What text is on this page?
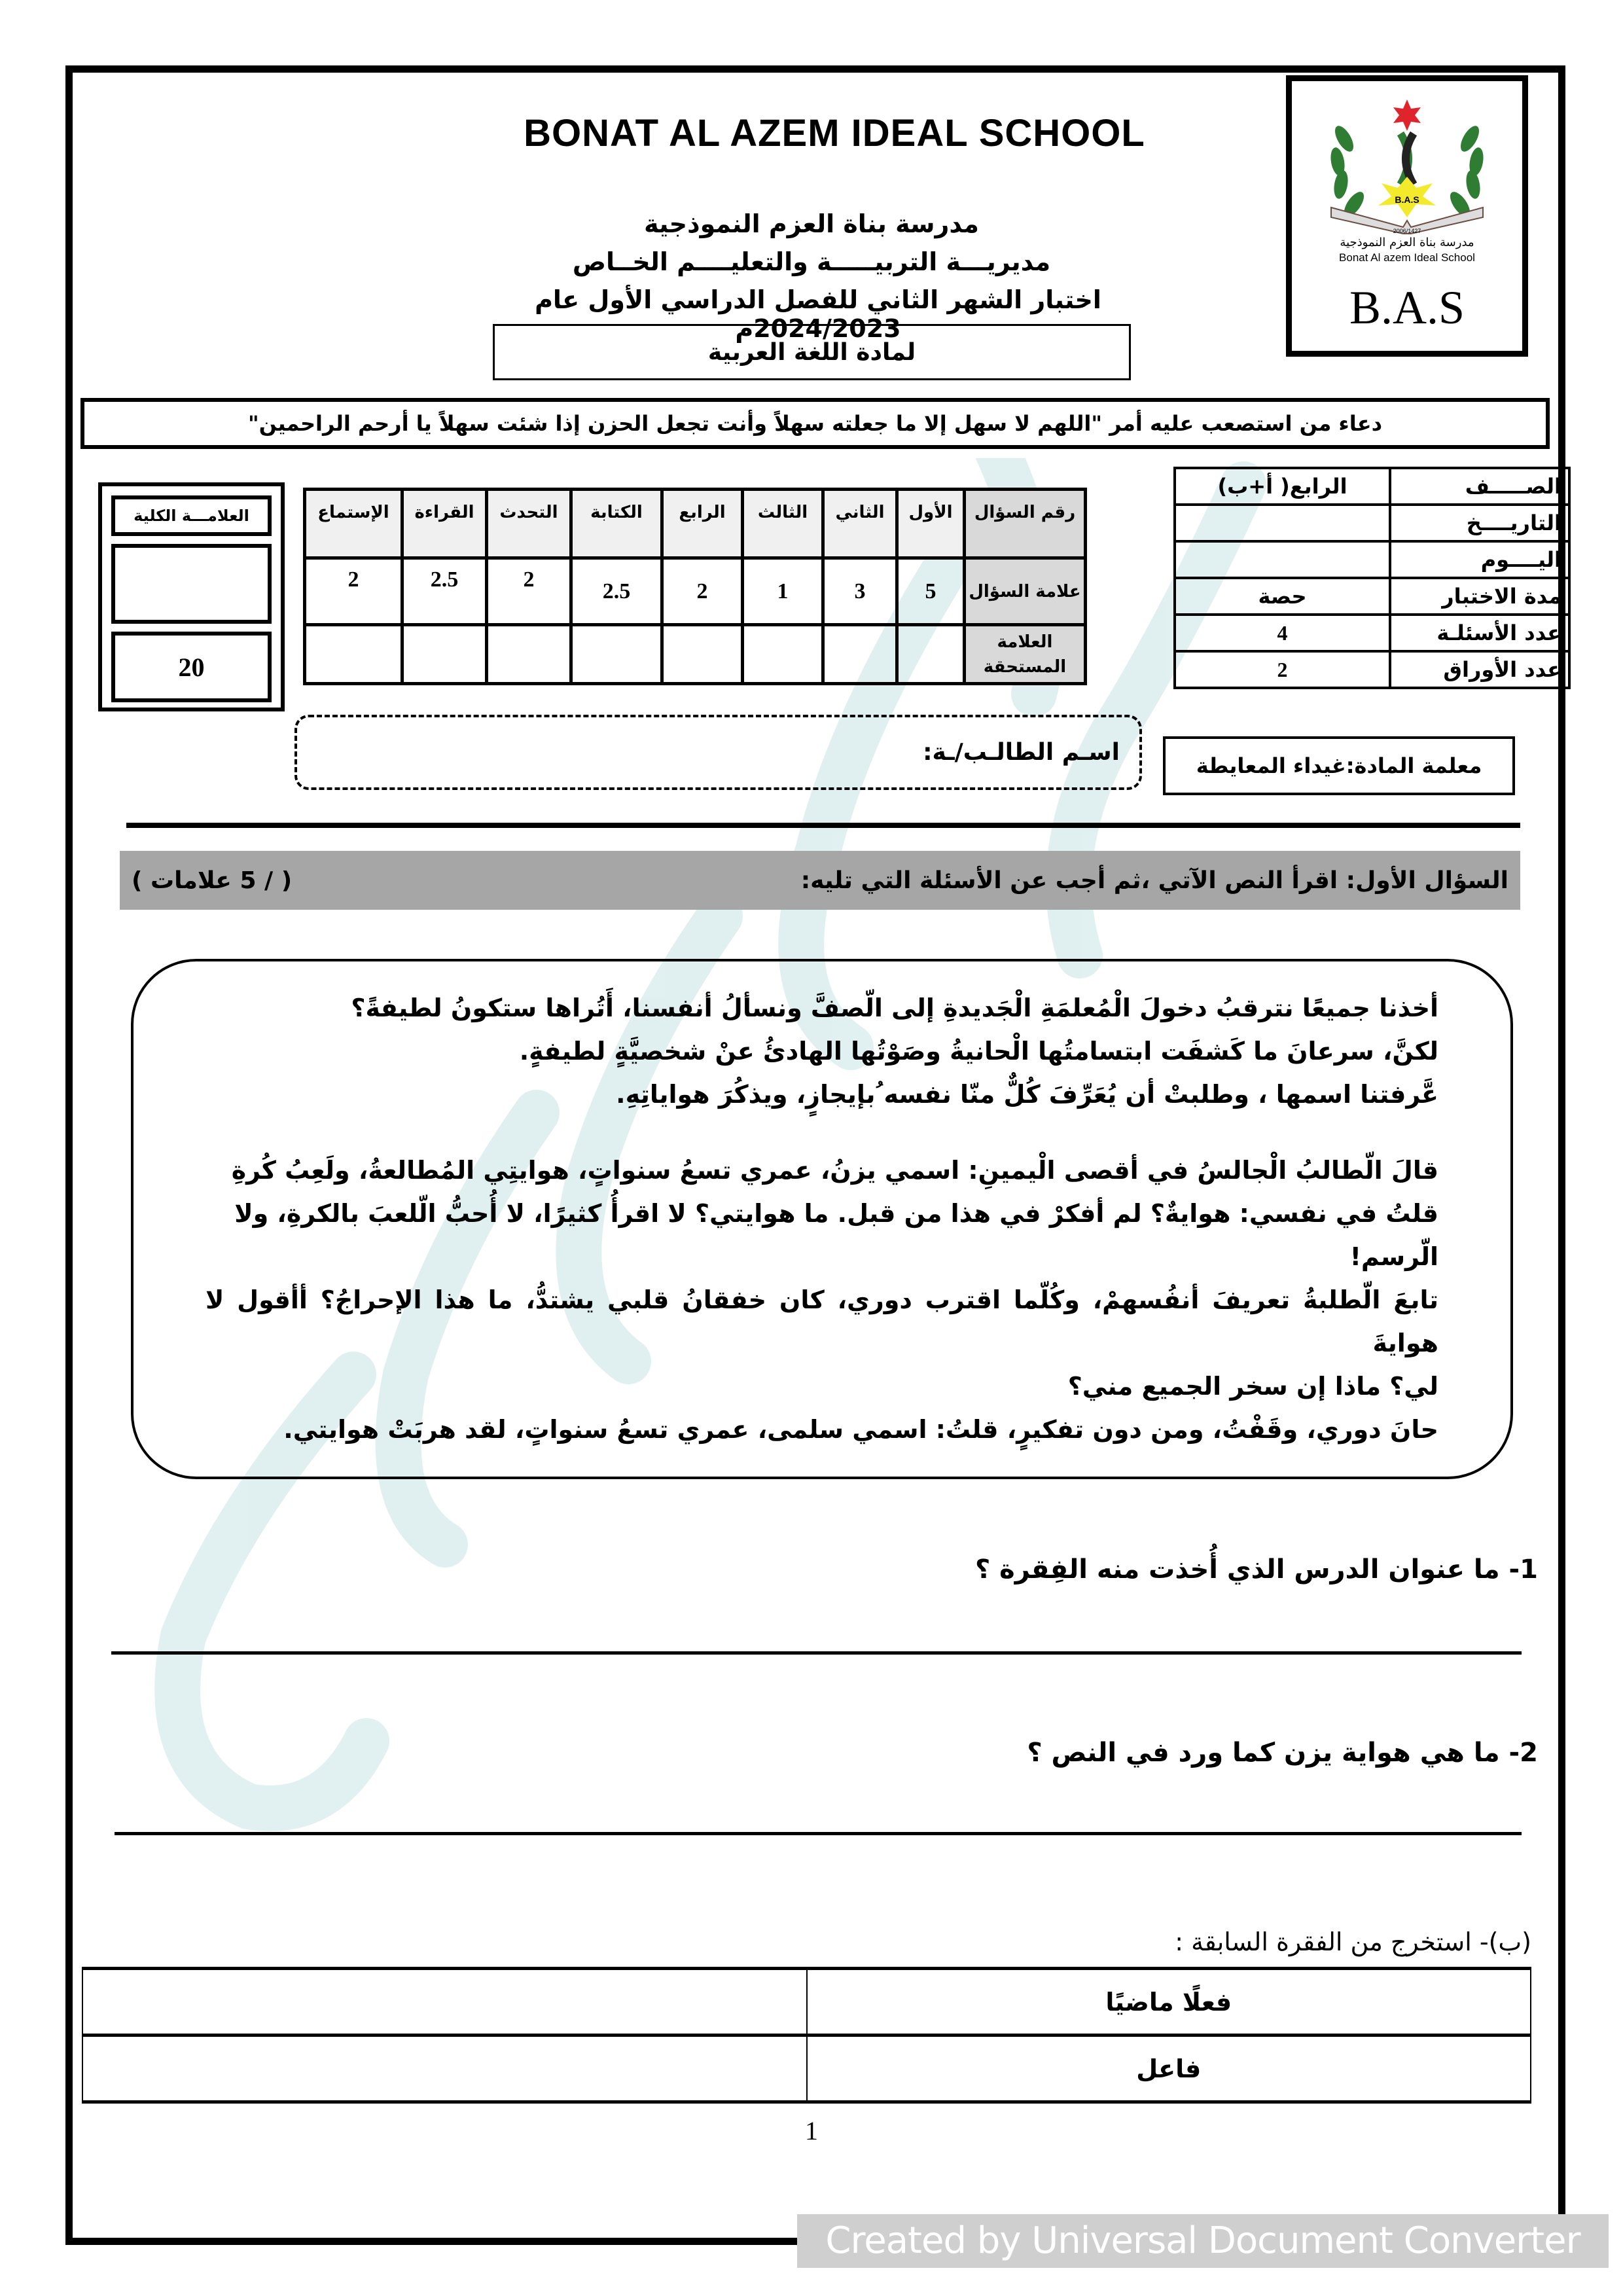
BONAT AL AZEM IDEAL SCHOOL
مدرسة بناة العزم النموذجية
مديريـــة التربيـــــة والتعليــــم الخــاص
اختبار الشهر الثاني للفصل الدراسي الأول عام 2024/2023م
لمادة اللغة العربية
B.A.S
2006/1427
مدرسة بناة العزم النموذجية
Bonat Al azem Ideal School
B.A.S
دعاء من استصعب عليه أمر "اللهم لا سهل إلا ما جعلته سهلاً وأنت تجعل الحزن إذا شئت سهلاً يا أرحم الراحمين"
العلامـــة الكلية
20
الإستماع	القراءة	التحدث	الكتابة	الرابع	الثالث	الثاني	الأول	رقم السؤال
2	2.5	2	2.5	2	1	3	5	علامة السؤال
								العلامة المستحقة
الرابع( أ+ب)	الصـــــف
	التاريــــخ
	اليــــوم
حصة	مدة الاختبار
4	عدد الأسئلـة
2	عدد الأوراق
اسـم الطالـب/ـة:	معلمة المادة:غيداء المعايطة
السؤال الأول: اقرأ النص الآتي ،ثم أجب عن الأسئلة التي تليه:
( / 5 علامات )

أخذنا جميعًا نترقبُ دخولَ الْمُعلمَةِ الْجَديدةِ إلى الّصفَّ ونسألُ أنفسنا، أَتُراها ستكونُ لطيفةً؟

لكنَّ، سرعانَ ما كَشفَت ابتسامتُها الْحانيةُ وصَوْتُها الهادئُ عنْ شخصيَّةٍ لطيفةٍ.

عَّرفتنا اسمها ، وطلبتْ أن يُعَرِّفَ كُلٌّ منّا نفسه ُبإيجازٍ، ويذكُرَ هواياتِهِ.

قالَ الّطالبُ الْجالسُ في أقصى الْيمينِ: اسمي يزنُ، عمري تسعُ سنواتٍ، هوايتِي المُطالعةُ، ولَعِبُ كُرةِ

قلتُ في نفسي: هوايةٌ؟ لم أفكرْ في هذا من قبل. ما هوايتي؟ لا اقرأُ كثيرًا، لا أُحبُّ الّلعبَ بالكرةِ، ولا

الّرسم!

تابعَ الّطلبةُ تعريفَ أنفُسهمْ، وكُلّما اقترب دوري، كان خفقانُ قلبي يشتدُّ، ما هذا الإحراجُ؟ أأقول لا هوايةَ

لي؟ ماذا إن سخر الجميع مني؟

حانَ دوري، وقَفْتُ، ومن دون تفكيرٍ، قلتُ: اسمي سلمى، عمري تسعُ سنواتٍ، لقد هربَتْ هوايتي.

1- ما عنوان الدرس الذي أُخذت منه الفِقرة ؟
2- ما هي هواية يزن كما ورد في النص ؟
(ب)- استخرج من الفقرة السابقة :
	فعلًا ماضيًا
	فاعل
1
Created by Universal Document Converter
